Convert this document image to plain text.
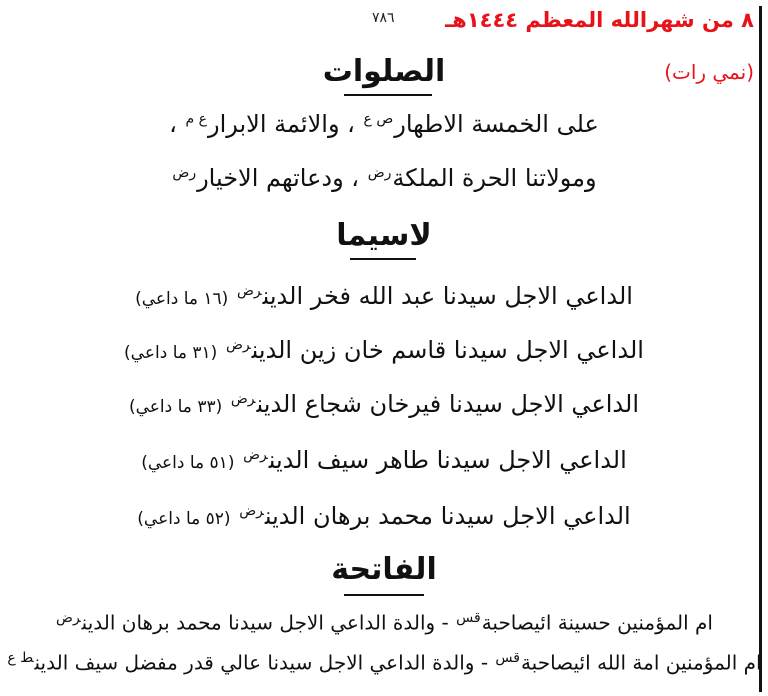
٨ من شهرالله المعظم ١٤٤٤هـ
٧٨٦
(نمي رات)
الصلوات
على الخمسة الاطهار$^{ص ع}$ ، والائمة الابرار$^{ع م}$ ،
ومولاتنا الحرة الملكة$^{رض}$ ، ودعاتهم الاخيار$^{رض}$
لاسيما
الداعي الاجل سيدنا عبد الله فخر الدين$^{رض}$ (١٦ ما داعي)
الداعي الاجل سيدنا قاسم خان زين الدين$^{رض}$ (٣١ ما داعي)
الداعي الاجل سيدنا فيرخان شجاع الدين$^{رض}$ (٣٣ ما داعي)
الداعي الاجل سيدنا طاهر سيف الدين$^{رض}$ (٥١ ما داعي)
الداعي الاجل سيدنا محمد برهان الدين$^{رض}$ (٥٢ ما داعي)
الفاتحة
ام المؤمنين حسينة ائيصاحبة$^{قس}$ - والدة الداعي الاجل سيدنا محمد برهان الدين$^{رض}$
ام المؤمنين امة الله ائيصاحبة$^{قس}$ - والدة الداعي الاجل سيدنا عالي قدر مفضل سيف الدين$^{ط ع}$
